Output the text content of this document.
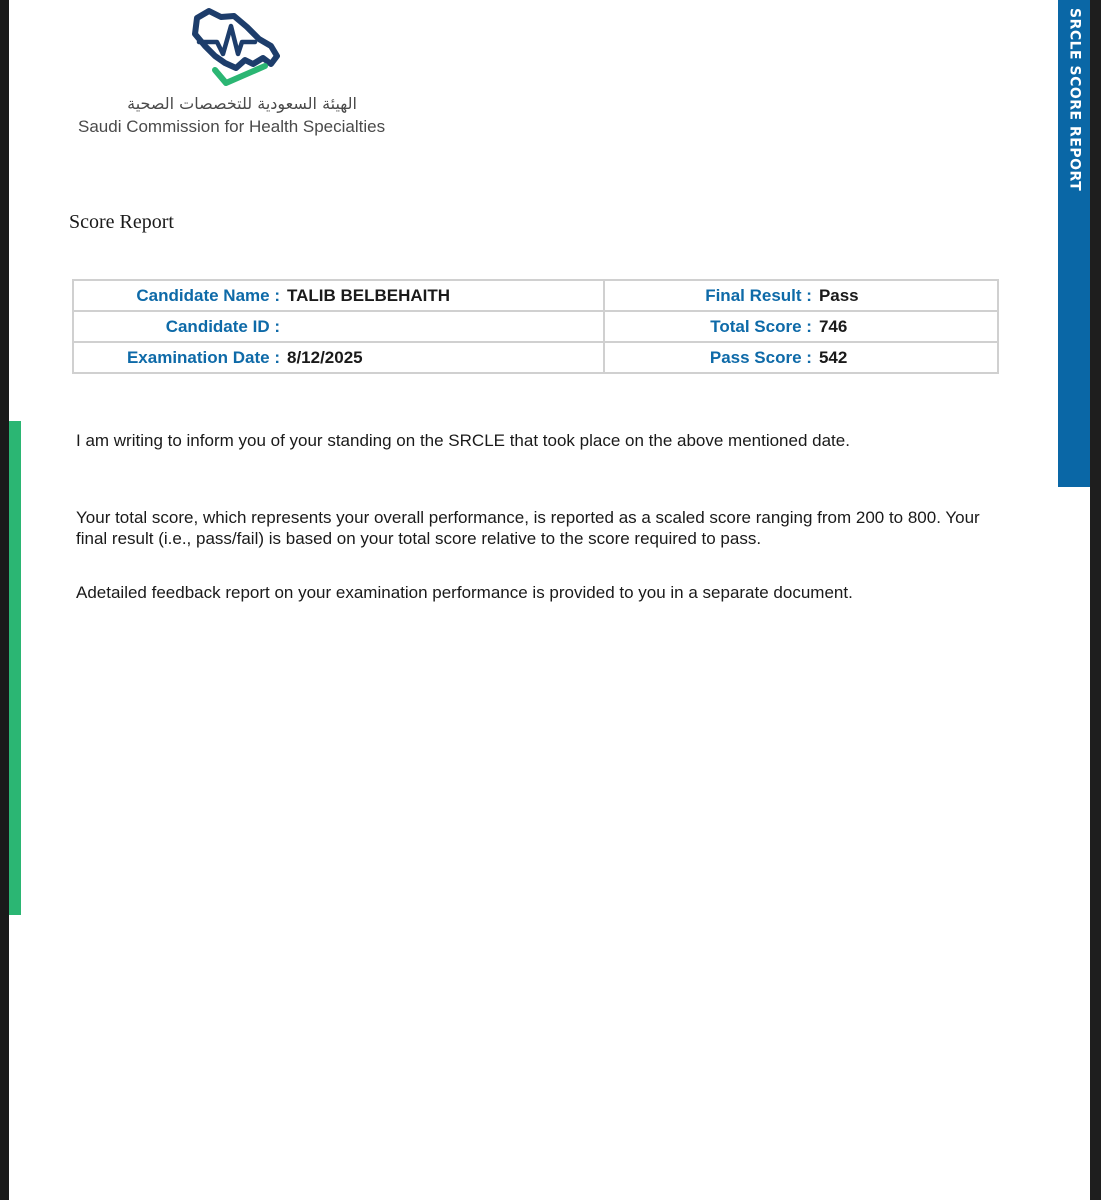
SRCLE SCORE REPORT
الهيئة السعودية للتخصصات الصحية
Saudi Commission for Health Specialties
Score Report
Candidate Name : TALIB BELBEHAITH	Final Result : Pass

Candidate ID :	Total Score : 746

Examination Date : 8/12/2025	Pass Score : 542

I am writing to inform you of your standing on the SRCLE that took place on the above mentioned date.

Your total score, which represents your overall performance, is reported as a scaled score ranging from 200 to 800. Your final result (i.e., pass/fail) is based on your total score relative to the score required to pass.

Adetailed feedback report on your examination performance is provided to you in a separate document.
